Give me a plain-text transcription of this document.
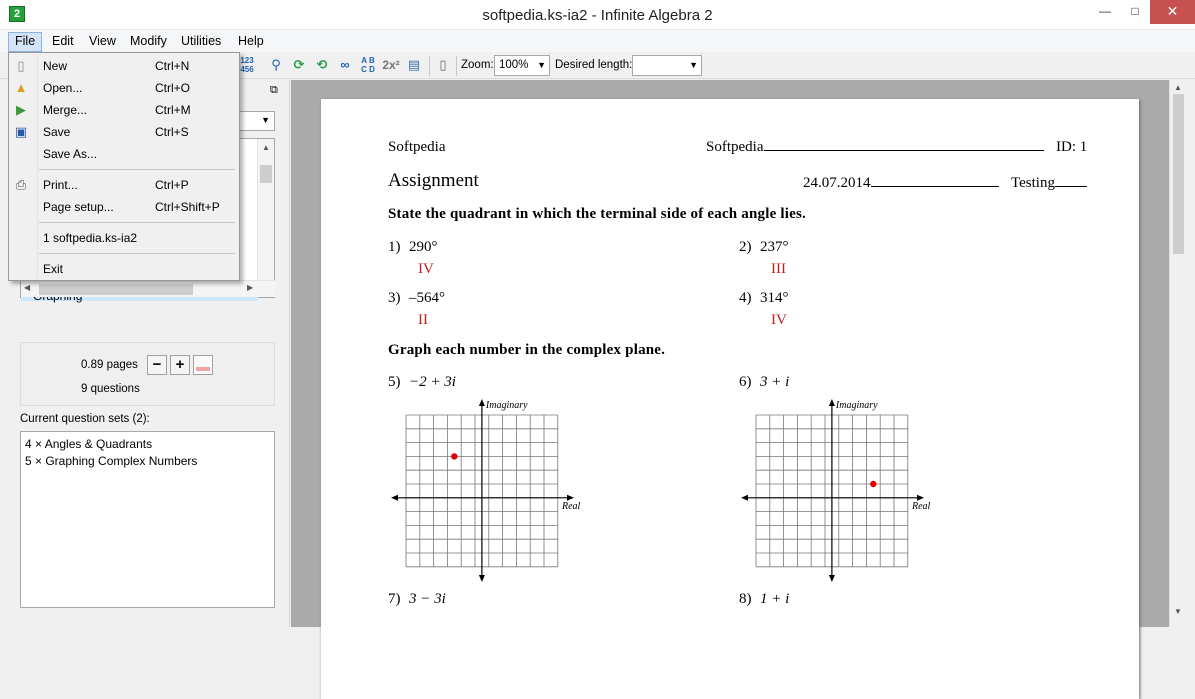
2	softpedia.ks-ia2 - Infinite Algebra 2	—	□	✕
File	Edit	View	Modify	Utilities	Help
123
456	⚲ ⟳ ⟲ ∞	A B
C D 2x² ▤	▯	Zoom: 100% ▼ Desired length:	▼
⧉
▼
▲
◀	▶
0.89 pages
9 questions
− +
Current question sets (2):
4 × Angles & Quadrants
5 × Graphing Complex Numbers
Softpedia	Softpedia	ID: 1
Assignment	24.07.2014	Testing
State the quadrant in which the terminal side of each angle lies.
1) 290°
IV
2) 237°
III
3) –564°
II
4) 314°
IV
Graph each number in the complex plane.
5) −2 + 3i	6) 3 + i
Imaginary
Real
Imaginary
Real
7) 3 − 3i	8) 1 + i
▲
▼
▯	New	Ctrl+N
▲ Open...	Ctrl+O
▶ Merge...	Ctrl+M
▣ Save	Ctrl+S
Save As...
⎙ Print...	Ctrl+P
Page setup...	Ctrl+Shift+P
1 softpedia.ks-ia2
Exit
